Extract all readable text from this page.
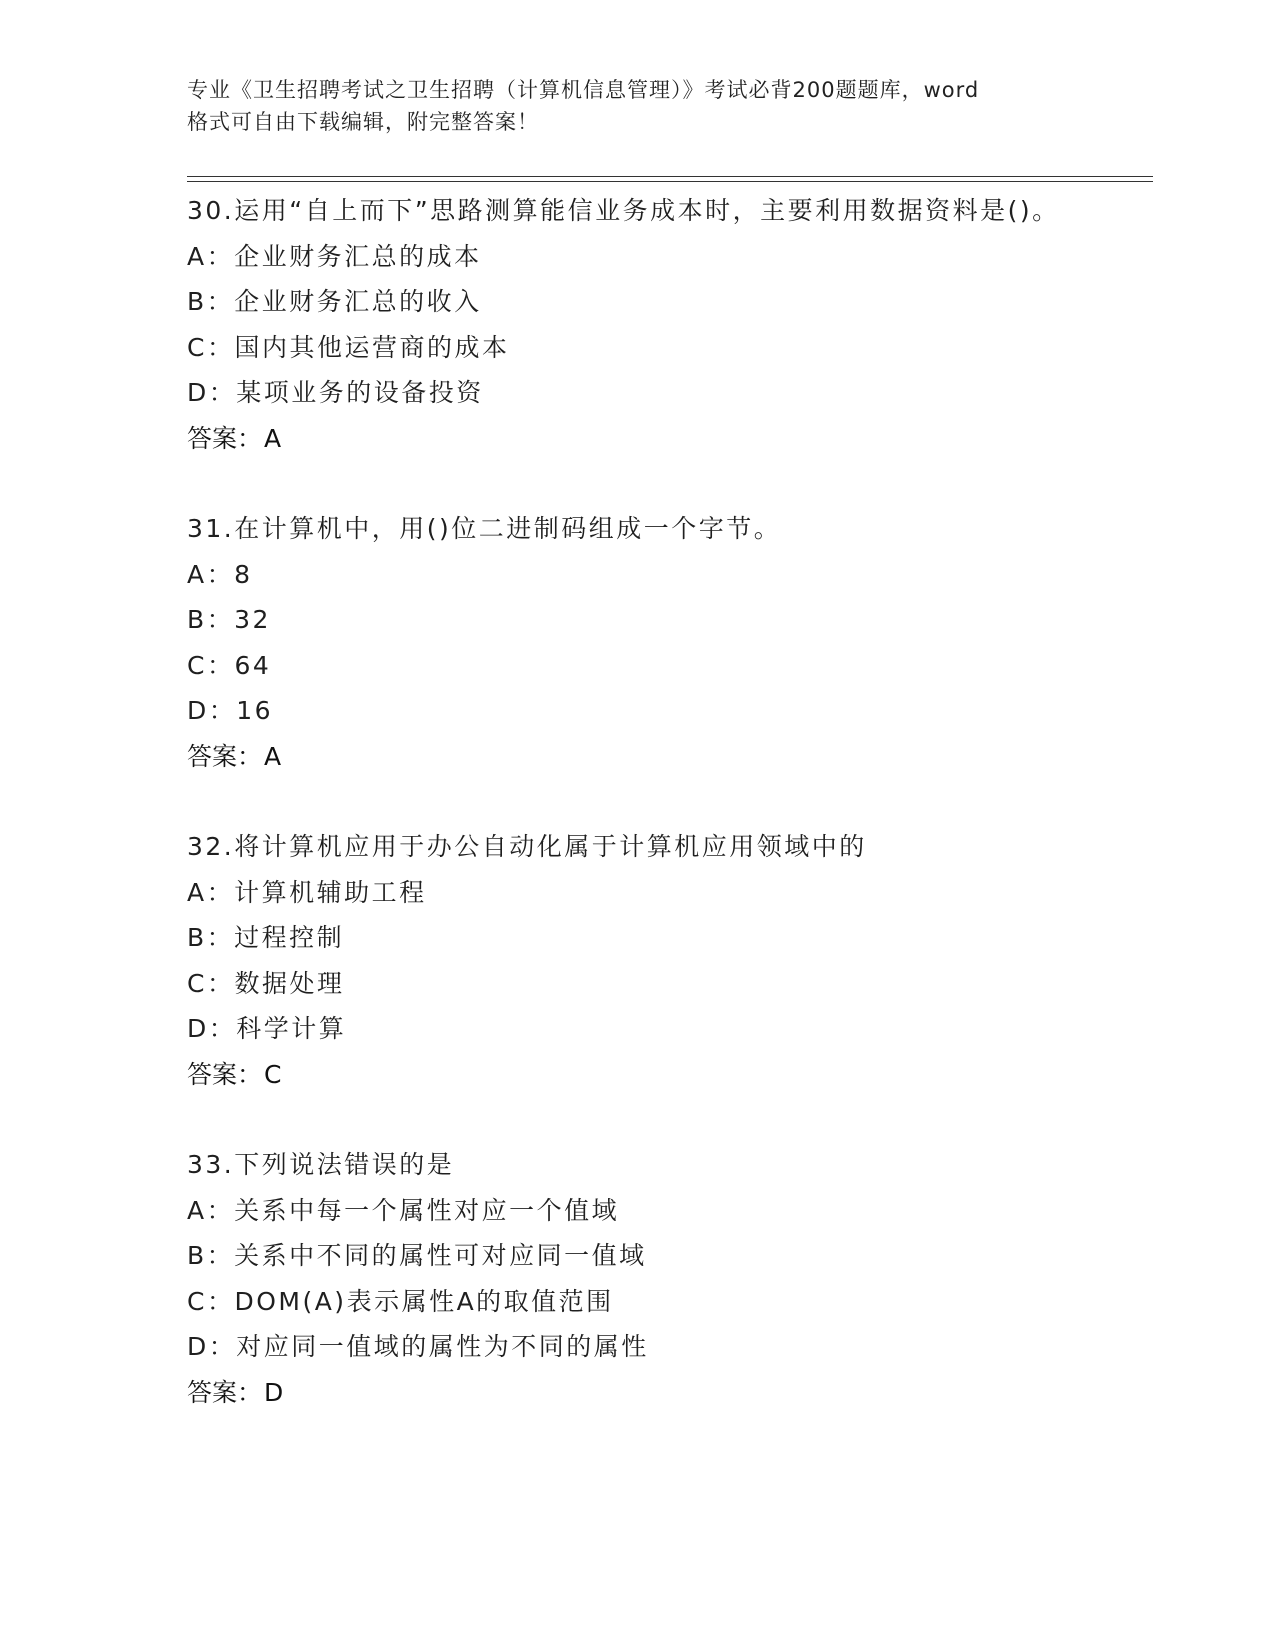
专业《卫生招聘考试之卫生招聘（计算机信息管理）》考试必背200题题库，word
格式可自由下载编辑，附完整答案！
30.运用“自上而下”思路测算能信业务成本时，主要利用数据资料是()。
A：企业财务汇总的成本
B：企业财务汇总的收入
C：国内其他运营商的成本
D：某项业务的设备投资
答案：A
31.在计算机中，用()位二进制码组成一个字节。
A：8
B：32
C：64
D：16
答案：A
32.将计算机应用于办公自动化属于计算机应用领域中的
A：计算机辅助工程
B：过程控制
C：数据处理
D：科学计算
答案：C
33.下列说法错误的是
A：关系中每一个属性对应一个值域
B：关系中不同的属性可对应同一值域
C：DOM(A)表示属性A的取值范围
D：对应同一值域的属性为不同的属性
答案：D
